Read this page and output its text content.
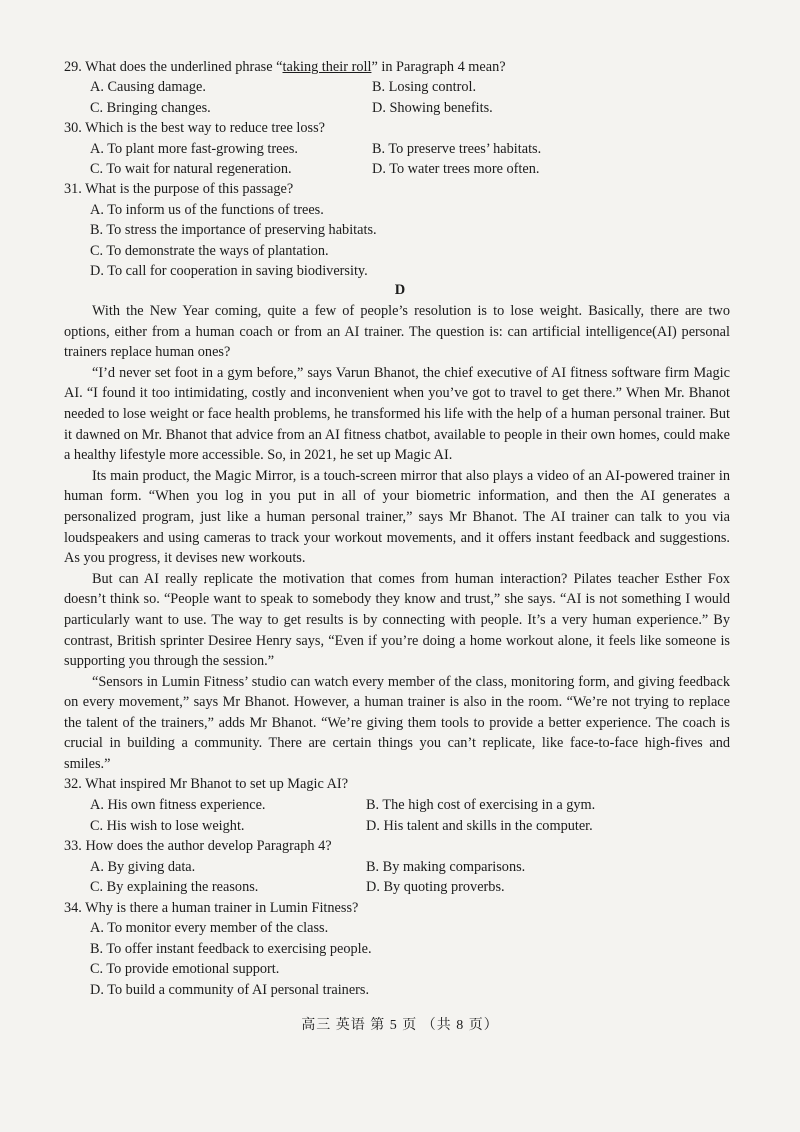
29. What does the underlined phrase “taking their roll” in Paragraph 4 mean?
A. Causing damage.	B. Losing control.
C. Bringing changes.	D. Showing benefits.
30. Which is the best way to reduce tree loss?
A. To plant more fast-growing trees.	B. To preserve trees’ habitats.
C. To wait for natural regeneration.	D. To water trees more often.
31. What is the purpose of this passage?
A. To inform us of the functions of trees.
B. To stress the importance of preserving habitats.
C. To demonstrate the ways of plantation.
D. To call for cooperation in saving biodiversity.
D

With the New Year coming, quite a few of people’s resolution is to lose weight. Basically, there are two options, either from a human coach or from an AI trainer. The question is: can artificial intelligence(AI) personal trainers replace human ones?

“I’d never set foot in a gym before,” says Varun Bhanot, the chief executive of AI fitness software firm Magic AI. “I found it too intimidating, costly and inconvenient when you’ve got to travel to get there.” When Mr. Bhanot needed to lose weight or face health problems, he transformed his life with the help of a human personal trainer. But it dawned on Mr. Bhanot that advice from an AI fitness chatbot, available to people in their own homes, could make a healthy lifestyle more accessible. So, in 2021, he set up Magic AI.

Its main product, the Magic Mirror, is a touch-screen mirror that also plays a video of an AI-powered trainer in human form. “When you log in you put in all of your biometric information, and then the AI generates a personalized program, just like a human personal trainer,” says Mr Bhanot. The AI trainer can talk to you via loudspeakers and using cameras to track your workout movements, and it offers instant feedback and suggestions. As you progress, it devises new workouts.

But can AI really replicate the motivation that comes from human interaction? Pilates teacher Esther Fox doesn’t think so. “People want to speak to somebody they know and trust,” she says. “AI is not something I would particularly want to use. The way to get results is by connecting with people. It’s a very human experience.” By contrast, British sprinter Desiree Henry says, “Even if you’re doing a home workout alone, it feels like someone is supporting you through the session.”

“Sensors in Lumin Fitness’ studio can watch every member of the class, monitoring form, and giving feedback on every movement,” says Mr Bhanot. However, a human trainer is also in the room. “We’re not trying to replace the talent of the trainers,” adds Mr Bhanot. “We’re giving them tools to provide a better experience. The coach is crucial in building a community. There are certain things you can’t replicate, like face-to-face high-fives and smiles.”

32. What inspired Mr Bhanot to set up Magic AI?
A. His own fitness experience.	B. The high cost of exercising in a gym.
C. His wish to lose weight.	D. His talent and skills in the computer.
33. How does the author develop Paragraph 4?
A. By giving data.	B. By making comparisons.
C. By explaining the reasons.	D. By quoting proverbs.
34. Why is there a human trainer in Lumin Fitness?
A. To monitor every member of the class.
B. To offer instant feedback to exercising people.
C. To provide emotional support.
D. To build a community of AI personal trainers.
高三 英语 第 5 页 （共 8 页）
